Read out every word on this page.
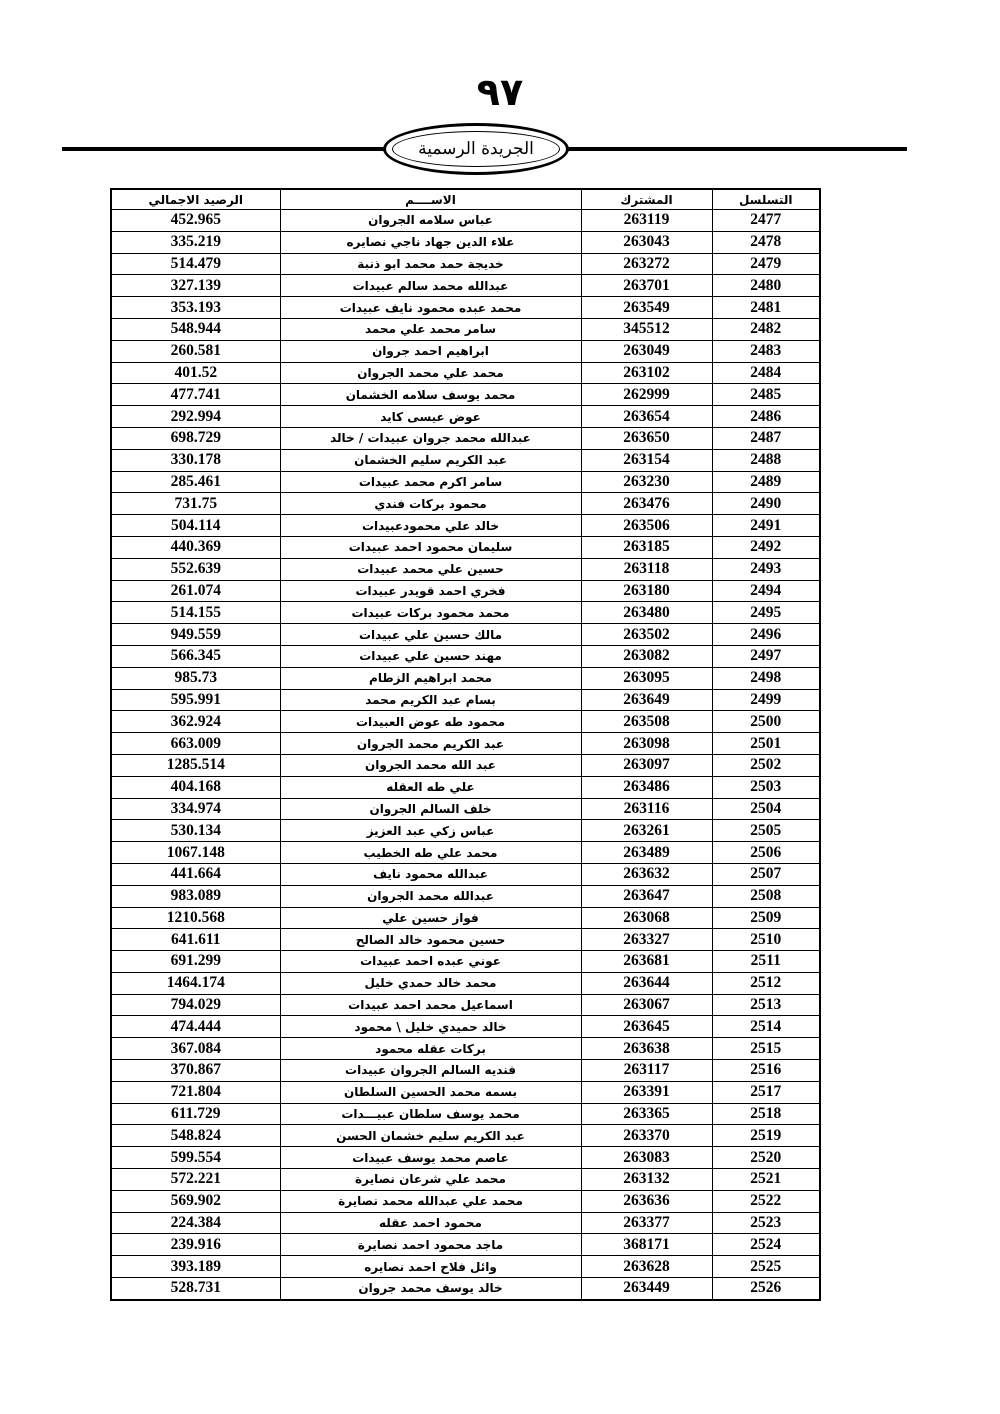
٩٧
الجريدة الرسمية
التسلسل	المشترك	الاســــم	الرصيد الاجمالي
2477	263119	عباس سلامه الجروان	452.965
2478	263043	علاء الدين جهاد ناجي نصايره	335.219
2479	263272	خديجة حمد محمد ابو ذنبة	514.479
2480	263701	عبدالله محمد سالم عبيدات	327.139
2481	263549	محمد عبده محمود نايف عبيدات	353.193
2482	345512	سامر محمد علي محمد	548.944
2483	263049	ابراهيم احمد جروان	260.581
2484	263102	محمد علي محمد الجروان	401.52
2485	262999	محمد يوسف سلامه الخشمان	477.741
2486	263654	عوض عيسى كايد	292.994
2487	263650	عبدالله محمد جروان عبيدات / خالد	698.729
2488	263154	عبد الكريم سليم الخشمان	330.178
2489	263230	سامر اكرم محمد عبيدات	285.461
2490	263476	محمود بركات فندي	731.75
2491	263506	خالد علي محمودعبيدات	504.114
2492	263185	سليمان محمود احمد عبيدات	440.369
2493	263118	حسين علي محمد عبيدات	552.639
2494	263180	فخري احمد قويدر عبيدات	261.074
2495	263480	محمد محمود بركات عبيدات	514.155
2496	263502	مالك حسين علي عبيدات	949.559
2497	263082	مهند حسين علي عبيدات	566.345
2498	263095	محمد ابراهيم الزطام	985.73
2499	263649	بسام عبد الكريم محمد	595.991
2500	263508	محمود طه عوض العبيدات	362.924
2501	263098	عبد الكريم محمد الجروان	663.009
2502	263097	عبد الله محمد الجروان	1285.514
2503	263486	علي طه العقله	404.168
2504	263116	خلف السالم الجروان	334.974
2505	263261	عباس زكي عبد العزيز	530.134
2506	263489	محمد علي طه الخطيب	1067.148
2507	263632	عبدالله محمود نايف	441.664
2508	263647	عبدالله محمد الجروان	983.089
2509	263068	فواز حسين علي	1210.568
2510	263327	حسين محمود خالد الصالح	641.611
2511	263681	عوني عبده احمد عبيدات	691.299
2512	263644	محمد خالد حمدي خليل	1464.174
2513	263067	اسماعيل محمد احمد عبيدات	794.029
2514	263645	خالد حميدي خليل \ محمود	474.444
2515	263638	بركات عقله محمود	367.084
2516	263117	فنديه السالم الجروان عبيدات	370.867
2517	263391	بسمه محمد الحسين السلطان	721.804
2518	263365	محمد يوسف سلطان عبيـــدات	611.729
2519	263370	عبد الكريم سليم خشمان الحسن	548.824
2520	263083	عاصم محمد يوسف عبيدات	599.554
2521	263132	محمد علي شرعان نصايرة	572.221
2522	263636	محمد علي عبدالله محمد نصايرة	569.902
2523	263377	محمود احمد عقله	224.384
2524	368171	ماجد محمود احمد نصايرة	239.916
2525	263628	وائل فلاح احمد نصايره	393.189
2526	263449	خالد يوسف محمد جروان	528.731
